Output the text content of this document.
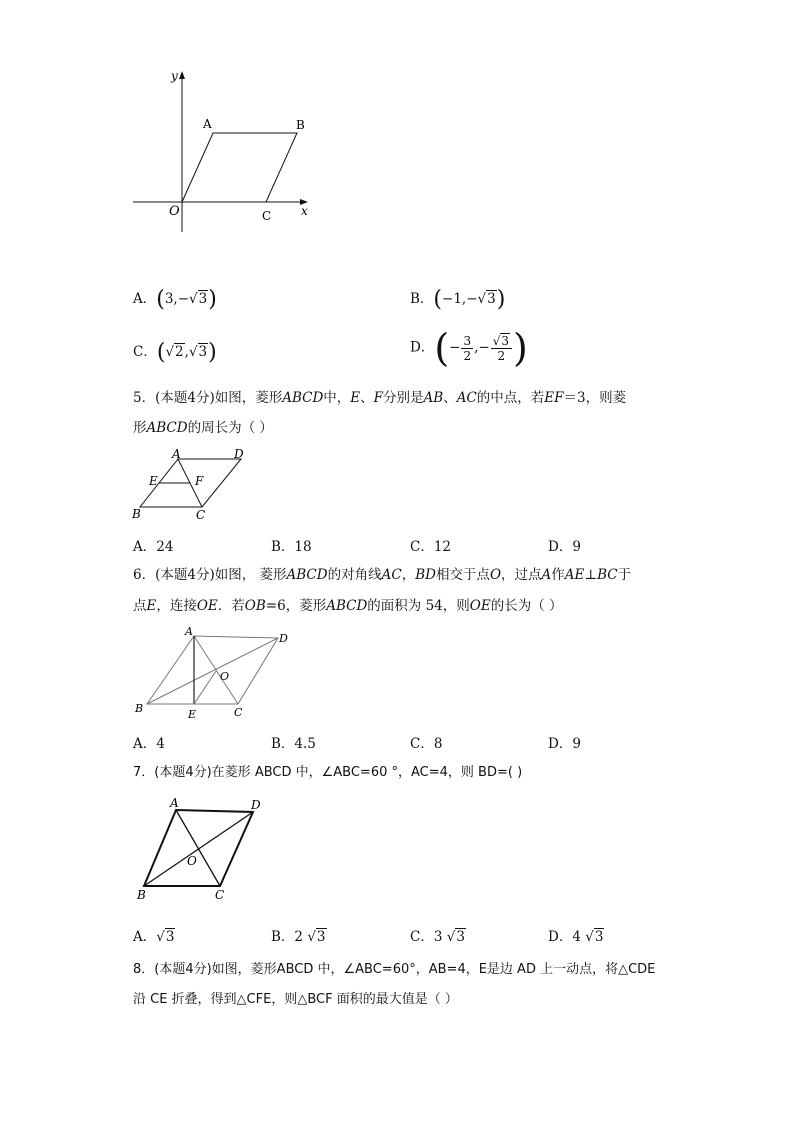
y
x
O
A	B
C
A．(3,−√3)	B．(−1,−√3)
C．(√2,√3)	D．(− $\frac{3}{2}$ ,− $\frac{√3}{2}$ )
5．(本题4分)如图，菱形ABCD中，E、F分别是AB、AC的中点，若EF＝3，则菱
形ABCD的周长为（ ）
A	D
E	F
B	C
A．24	B．18	C．12	D．9
6．(本题4分)如图， 菱形ABCD的对角线AC，BD相交于点O，过点A作AE⊥BC于
点E，连接OE．若OB=6，菱形ABCD的面积为 54，则OE的长为（ ）
A
D
O
B	E	C
A．4	B．4.5	C．8	D．9
7．(本题4分)在菱形 ABCD 中，∠ABC=60 °，AC=4，则 BD=( )
A	D
O
B	C
A．√3	B．2 √3	C．3 √3	D．4 √3
8．(本题4分)如图，菱形ABCD 中，∠ABC=60°，AB=4，E是边 AD 上一动点，将△CDE
沿 CE 折叠，得到△CFE，则△BCF 面积的最大值是（ ）
